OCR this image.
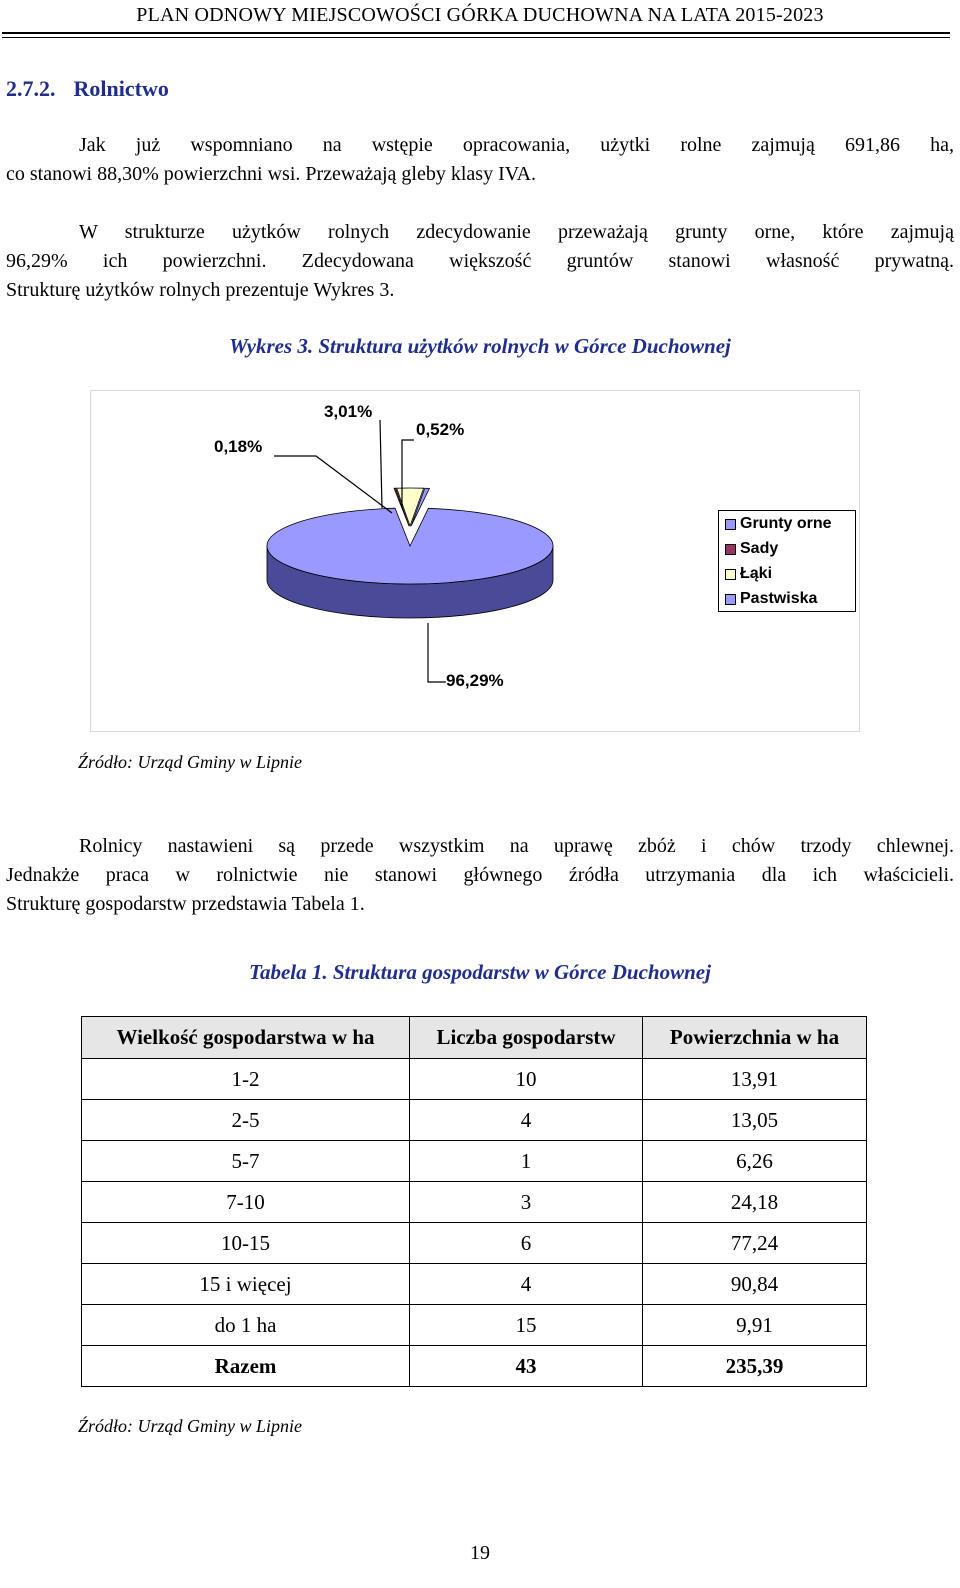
PLAN ODNOWY MIEJSCOWOŚCI GÓRKA DUCHOWNA NA LATA 2015-2023
2.7.2. Rolnictwo
Jak już wspomniano na wstępie opracowania, użytki rolne zajmują 691,86 ha,
co stanowi 88,30% powierzchni wsi. Przeważają gleby klasy IVA.
W strukturze użytków rolnych zdecydowanie przeważają grunty orne, które zajmują
96,29% ich powierzchni. Zdecydowana większość gruntów stanowi własność prywatną.
Strukturę użytków rolnych prezentuje Wykres 3.
Wykres 3. Struktura użytków rolnych w Górce Duchownej
0,18%
3,01%
0,52%
96,29%
Grunty orne
Sady
Łąki
Pastwiska
Źródło: Urząd Gminy w Lipnie
Rolnicy nastawieni są przede wszystkim na uprawę zbóż i chów trzody chlewnej.
Jednakże praca w rolnictwie nie stanowi głównego źródła utrzymania dla ich właścicieli.
Strukturę gospodarstw przedstawia Tabela 1.
Tabela 1. Struktura gospodarstw w Górce Duchownej
Wielkość gospodarstwa w ha	Liczba gospodarstw	Powierzchnia w ha
1-2	10	13,91
2-5	4	13,05
5-7	1	6,26
7-10	3	24,18
10-15	6	77,24
15 i więcej	4	90,84
do 1 ha	15	9,91
Razem	43	235,39
Źródło: Urząd Gminy w Lipnie
19
